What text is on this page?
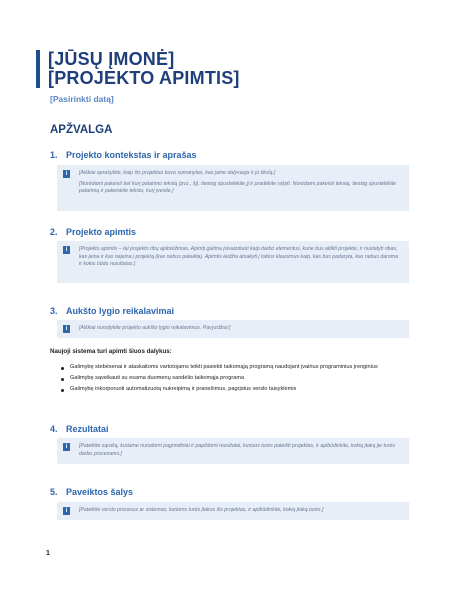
[JŪSŲ ĮMONĖ]
[PROJEKTO APIMTIS]
[Pasirinkti datą]
APŽVALGA
1. Projekto kontekstas ir aprašas
i	[Aiškiai aprašykite, kaip šis projektas buvo sumanytas, kas jame dalyvauja ir jo tikslą.]

[Norėdami pakeisti bet kurį patarimo tekstą (pvz., šį), tiesiog spustelėkite jį ir pradėkite rašyti. Norėdami pakeisti tekstą, tiesiog spustelėkite patarimą ir pakeiskite tekstu, kurį įvesite.]

2. Projekto apimtis
i	[Projekto apimtis – tai projekto ribų apibrėžimas. Apimtį galima įsivaizduoti kaip darbo elementus, kurie bus atlikti projekte, ir nustatyti ribas, kas įeina ir kas neįeina į projektą (kas nebus pateikta). Apimtis leidžia atsakyti į tokius klausimus kaip, kas bus padaryta, kas nebus daroma ir kokiu būdu rezultatas.]

3. Aukšto lygio reikalavimai
i	[Aiškiai nurodykite projekto aukšto lygio reikalavimus. Pavyzdžiui:]

Naujoji sistema turi apimti šiuos dalykus:
Galimybę stebėsenai ir ataskaitoms vartotojams teikti pasiekti taikomąją programą naudojant įvairius programinius įrenginius
Galimybę sąveikauti su esama duomenų sandėlio taikomąja programa
Galimybę inkorporuoti automatizuotą nukreipimą ir pranešimus, pagrįstus verslo taisyklėmis
4. Rezultatai
i	[Pateikite sąrašą, kuriame nurodomi pagrindiniai ir papildomi rezultatai, kuriuos turės pateikti projektas, ir apibūdinkite, kokią įtaką jie turės darbo procesams.]

5. Paveiktos šalys
i	[Pateikite verslo procesus ar sistemas, kurioms turės įtakos šis projektas, ir apibūdinkite, kokią įtaką turės.]

1
